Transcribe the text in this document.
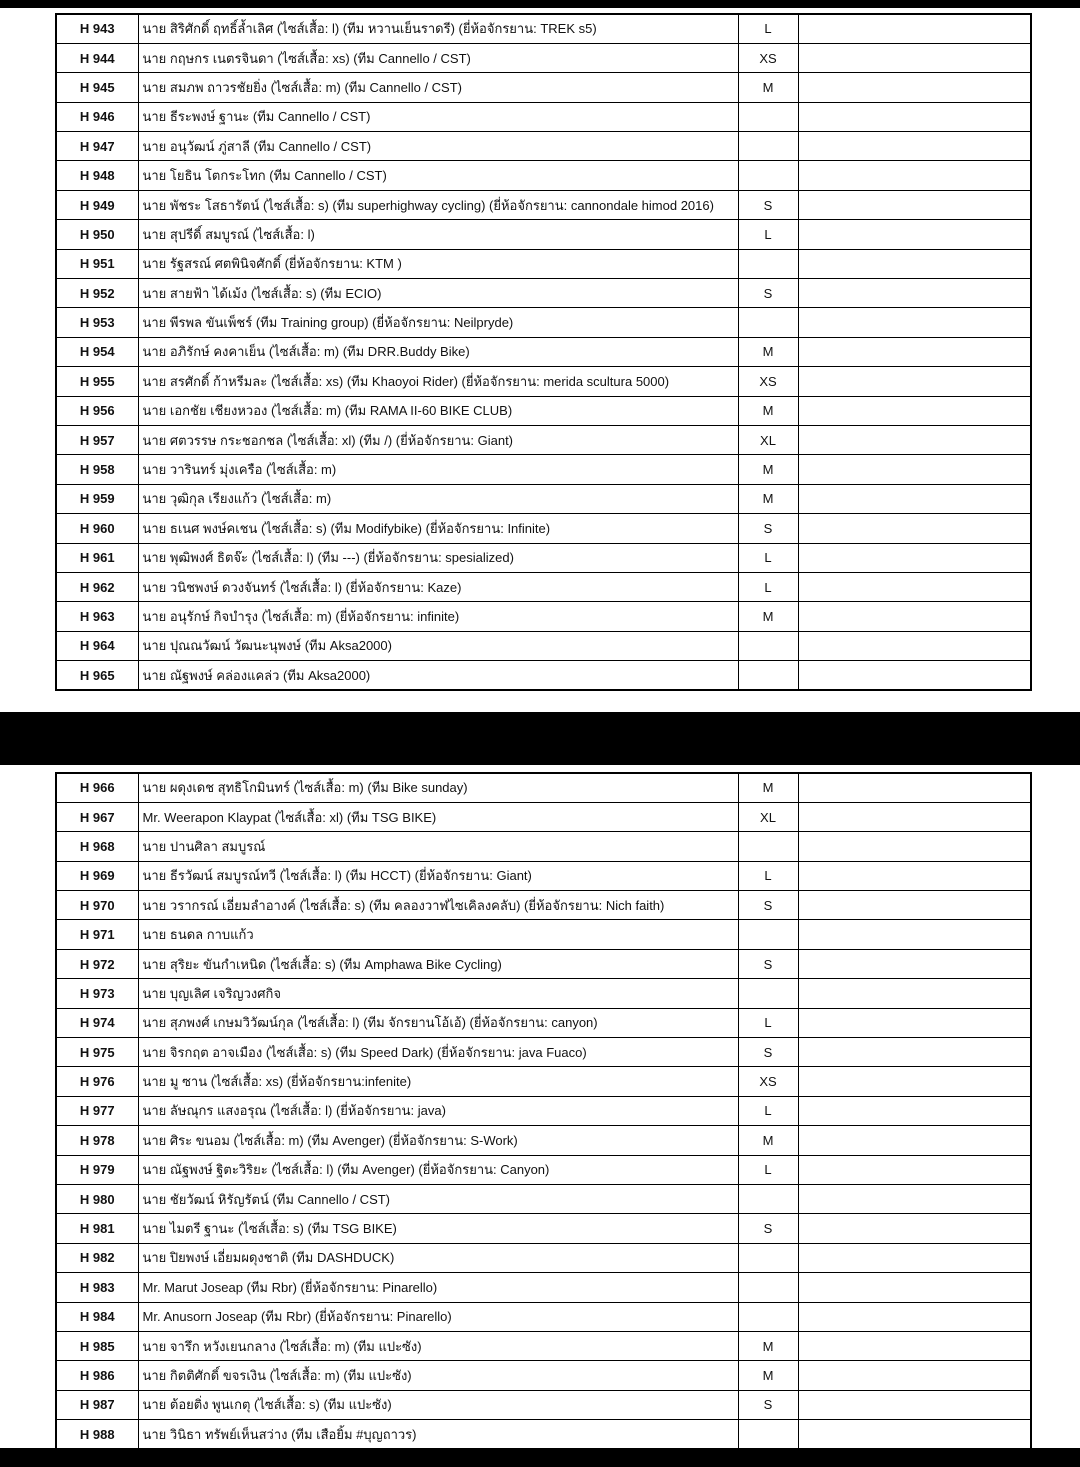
H 943	นาย สิริศักดิ์ ฤทธิ์ล้ำเลิศ (ไซส์เสื้อ: l) (ทีม หวานเย็นราดรี) (ยี่ห้อจักรยาน: TREK s5)	L	
H 944	นาย กฤษกร เนตรจินดา (ไซส์เสื้อ: xs) (ทีม Cannello / CST)	XS	
H 945	นาย สมภพ ถาวรชัยยิ่ง (ไซส์เสื้อ: m) (ทีม Cannello / CST)	M	
H 946	นาย ธีระพงษ์ ฐานะ (ทีม Cannello / CST)		
H 947	นาย อนุวัฒน์ ภู่สาลี (ทีม Cannello / CST)		
H 948	นาย โยธิน โตกระโทก (ทีม Cannello / CST)		
H 949	นาย พัชระ โสธารัตน์ (ไซส์เสื้อ: s) (ทีม superhighway cycling) (ยี่ห้อจักรยาน: cannondale himod 2016)	S	
H 950	นาย สุปรีดิ์ สมบูรณ์ (ไซส์เสื้อ: l)	L	
H 951	นาย รัฐสรณ์ ศตพินิจศักดิ์ (ยี่ห้อจักรยาน: KTM )		
H 952	นาย สายฟ้า ได้เม้ง (ไซส์เสื้อ: s) (ทีม ECIO)	S	
H 953	นาย พีรพล ขันเพ็ชร์ (ทีม Training group) (ยี่ห้อจักรยาน: Neilpryde)		
H 954	นาย อภิรักษ์ คงคาเย็น (ไซส์เสื้อ: m) (ทีม DRR.Buddy Bike)	M	
H 955	นาย สรศักดิ์ ก้าหรีมละ (ไซส์เสื้อ: xs) (ทีม Khaoyoi Rider) (ยี่ห้อจักรยาน: merida scultura 5000)	XS	
H 956	นาย เอกชัย เชียงหวอง (ไซส์เสื้อ: m) (ทีม RAMA II-60 BIKE CLUB)	M	
H 957	นาย ศตวรรษ กระชอกชล (ไซส์เสื้อ: xl) (ทีม /) (ยี่ห้อจักรยาน: Giant)	XL	
H 958	นาย วารินทร์ มุ่งเครือ (ไซส์เสื้อ: m)	M	
H 959	นาย วุฒิกุล เรียงแก้ว (ไซส์เสื้อ: m)	M	
H 960	นาย ธเนศ พงษ์คเชน (ไซส์เสื้อ: s) (ทีม Modifybike) (ยี่ห้อจักรยาน: Infinite)	S	
H 961	นาย พุฒิพงศ์ ธิตจ๊ะ (ไซส์เสื้อ: l) (ทีม ---) (ยี่ห้อจักรยาน: spesialized)	L	
H 962	นาย วนิชพงษ์ ดวงจันทร์ (ไซส์เสื้อ: l) (ยี่ห้อจักรยาน: Kaze)	L	
H 963	นาย อนุรักษ์ กิจบำรุง (ไซส์เสื้อ: m) (ยี่ห้อจักรยาน: infinite)	M	
H 964	นาย ปุณณวัฒน์ วัฒนะนุพงษ์ (ทีม Aksa2000)		
H 965	นาย ณัฐพงษ์ คล่องแคล่ว (ทีม Aksa2000)		
H 966	นาย ผดุงเดช สุทธิโกมินทร์ (ไซส์เสื้อ: m) (ทีม Bike sunday)	M	
H 967	Mr. Weerapon Klaypat (ไซส์เสื้อ: xl) (ทีม TSG BIKE)	XL	
H 968	นาย ปานศิลา สมบูรณ์		
H 969	นาย ธีรวัฒน์ สมบูรณ์ทวี (ไซส์เสื้อ: l) (ทีม HCCT) (ยี่ห้อจักรยาน: Giant)	L	
H 970	นาย วรากรณ์ เอี่ยมลำอางค์ (ไซส์เสื้อ: s) (ทีม คลองวาฬไซเคิลงคลับ) (ยี่ห้อจักรยาน: Nich faith)	S	
H 971	นาย ธนดล กาบแก้ว		
H 972	นาย สุริยะ ขันกำเหนิด (ไซส์เสื้อ: s) (ทีม Amphawa Bike Cycling)	S	
H 973	นาย บุญเลิศ เจริญวงศกิจ		
H 974	นาย สุภพงศ์ เกษมวิวัฒน์กุล (ไซส์เสื้อ: l) (ทีม จักรยานโอ้เอ้) (ยี่ห้อจักรยาน: canyon)	L	
H 975	นาย จิรกฤต อาจเมือง (ไซส์เสื้อ: s) (ทีม Speed Dark) (ยี่ห้อจักรยาน: java Fuaco)	S	
H 976	นาย มู ซาน (ไซส์เสื้อ: xs) (ยี่ห้อจักรยาน:infenite)	XS	
H 977	นาย ลัษณุกร แสงอรุณ (ไซส์เสื้อ: l) (ยี่ห้อจักรยาน: java)	L	
H 978	นาย ศิระ ขนอม (ไซส์เสื้อ: m) (ทีม Avenger) (ยี่ห้อจักรยาน: S-Work)	M	
H 979	นาย ณัฐพงษ์ ฐิตะวิริยะ (ไซส์เสื้อ: l) (ทีม Avenger) (ยี่ห้อจักรยาน: Canyon)	L	
H 980	นาย ชัยวัฒน์ หิรัญรัตน์ (ทีม Cannello / CST)		
H 981	นาย ไมตรี ฐานะ (ไซส์เสื้อ: s) (ทีม TSG BIKE)	S	
H 982	นาย ปิยพงษ์ เอี่ยมผดุงชาติ (ทีม DASHDUCK)		
H 983	Mr. Marut Joseap (ทีม Rbr) (ยี่ห้อจักรยาน: Pinarello)		
H 984	Mr. Anusorn Joseap (ทีม Rbr) (ยี่ห้อจักรยาน: Pinarello)		
H 985	นาย จารึก หวังเยนกลาง (ไซส์เสื้อ: m) (ทีม แปะซัง)	M	
H 986	นาย กิตติศักดิ์ ขจรเงิน (ไซส์เสื้อ: m) (ทีม แปะซัง)	M	
H 987	นาย ต้อยติ่ง พูนเกตุ (ไซส์เสื้อ: s) (ทีม แปะซัง)	S	
H 988	นาย วินิธา ทรัพย์เห็นสว่าง (ทีม เสือยิ้ม #บุญถาวร)		
